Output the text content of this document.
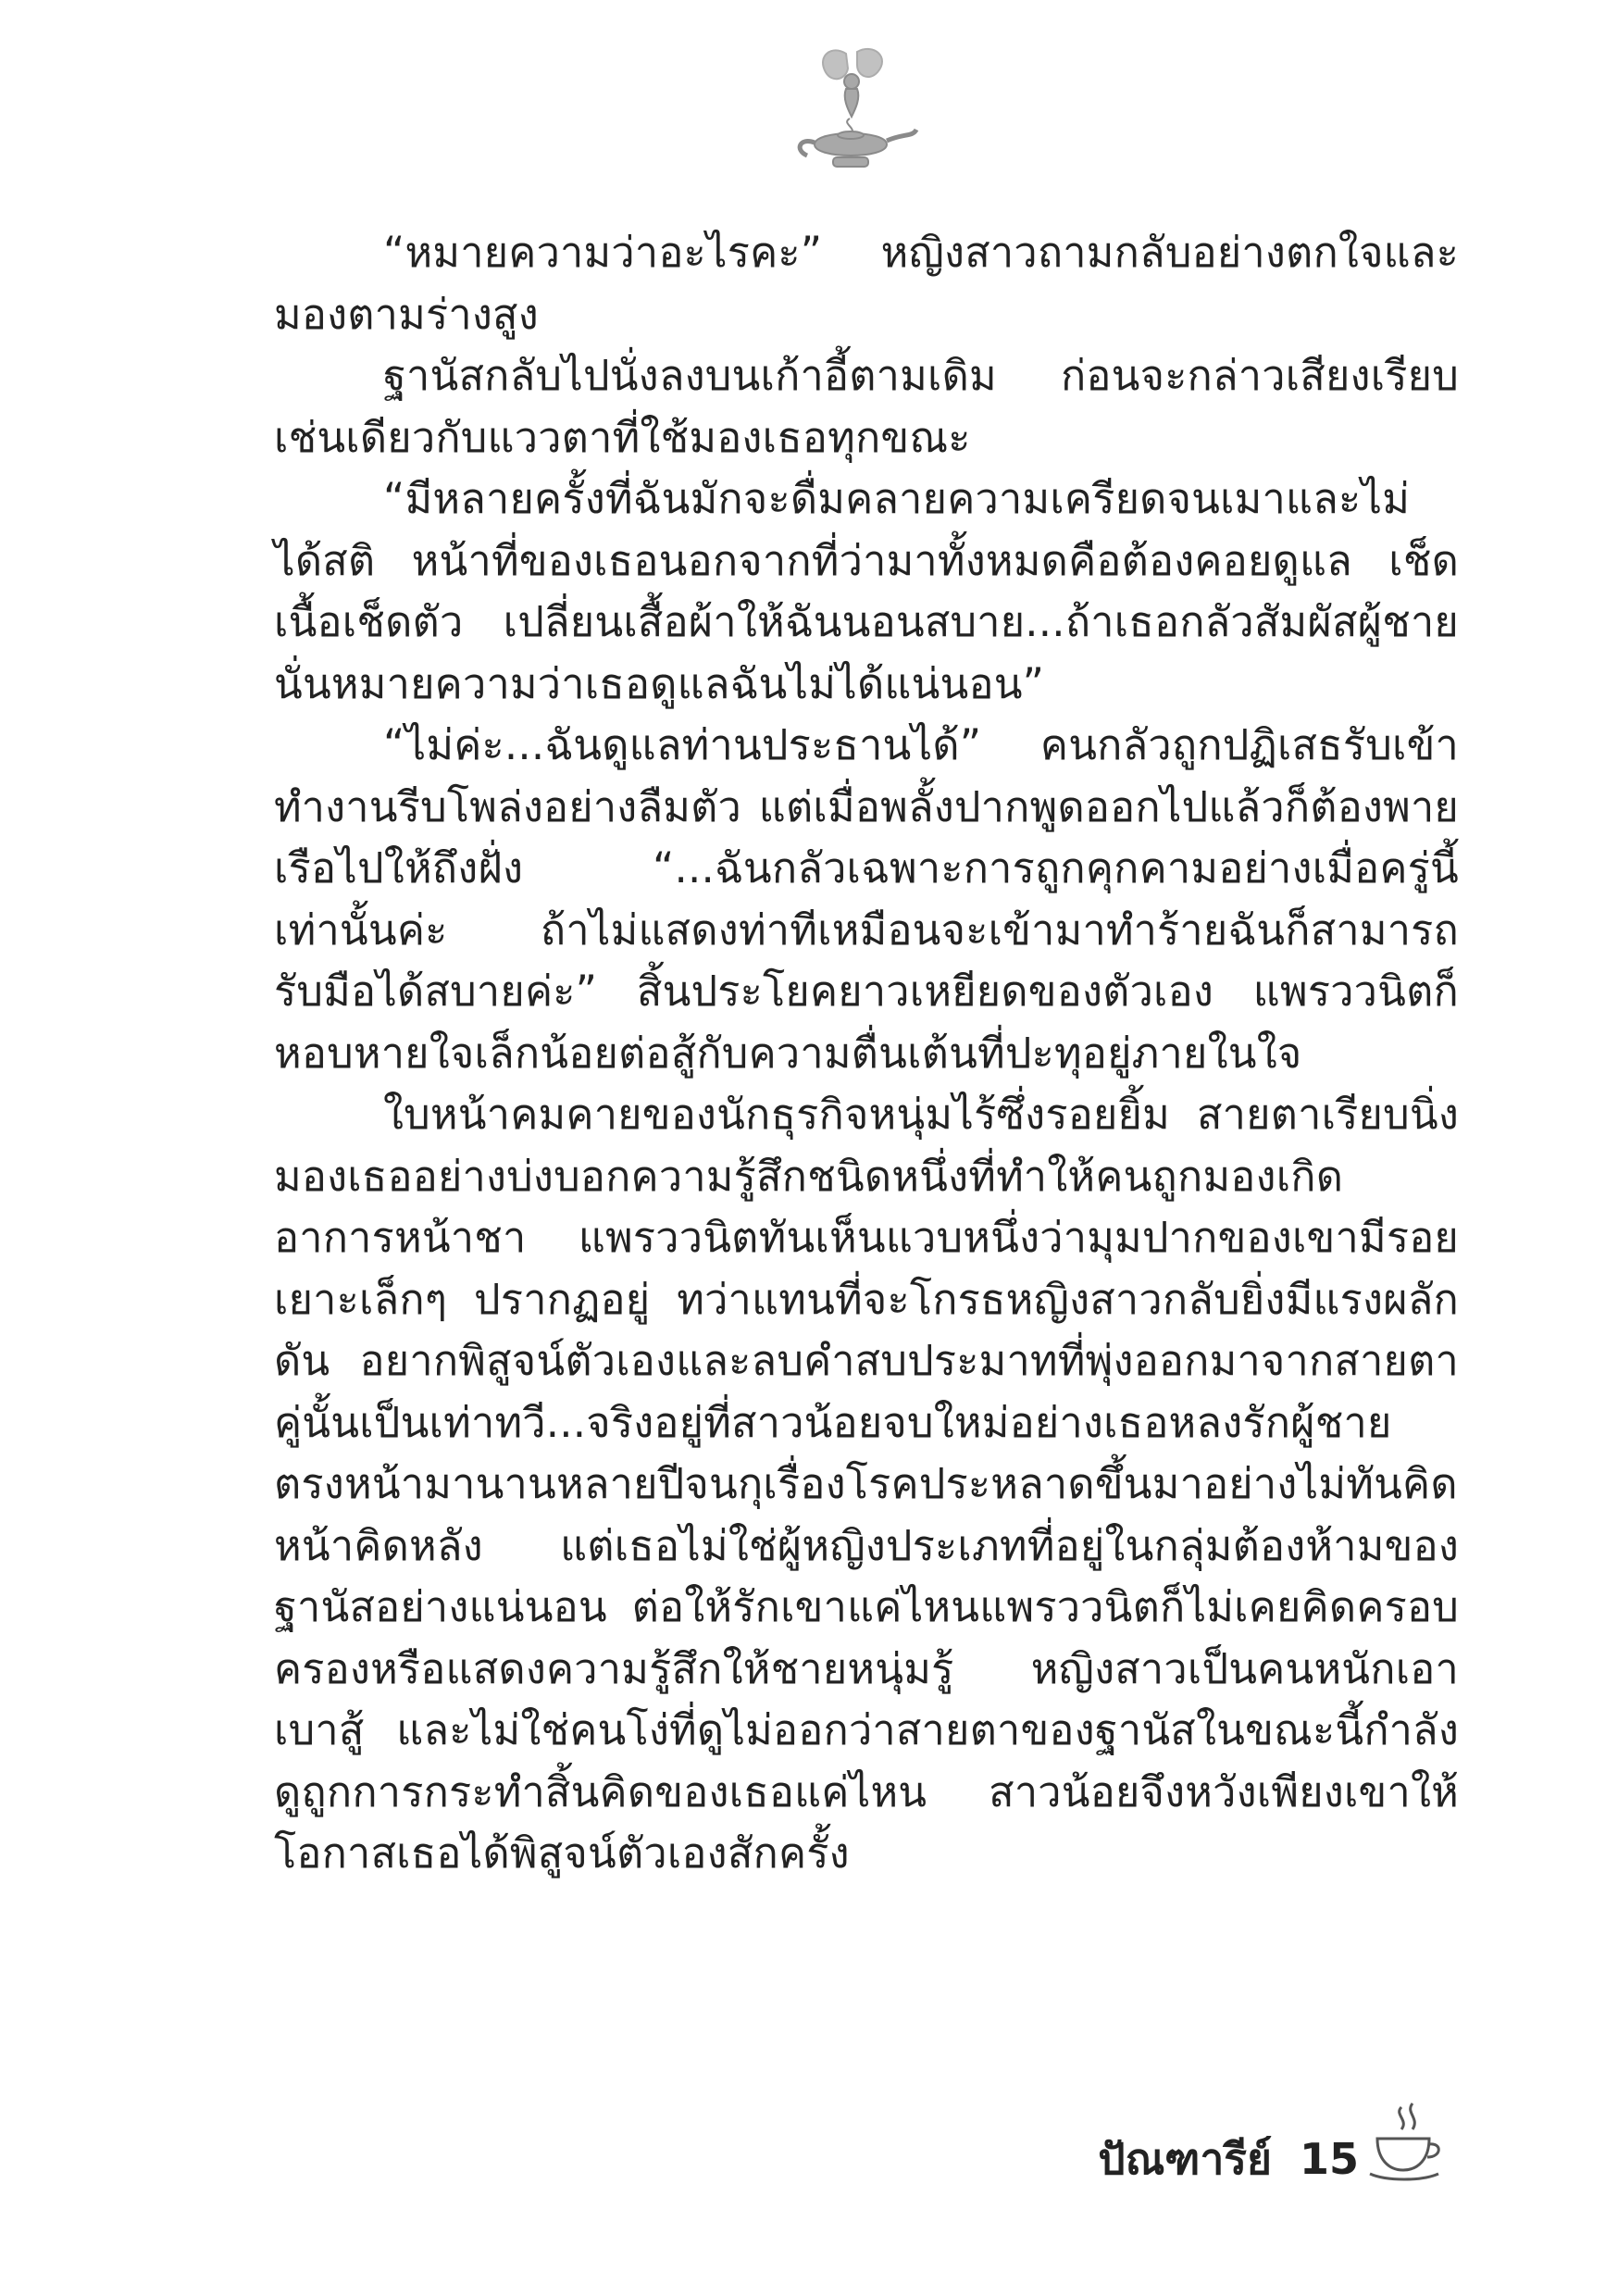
“หมายความว่าอะไรคะ” หญิงสาวถามกลับอย่างตกใจและมองตามร่างสูง

ฐานัสกลับไปนั่งลงบนเก้าอี้ตามเดิม ก่อนจะกล่าวเสียงเรียบเช่นเดียวกับแววตาที่ใช้มองเธอทุกขณะ

“มีหลายครั้งที่ฉันมักจะดื่มคลายความเครียดจนเมาและไม่ได้สติ หน้าที่ของเธอนอกจากที่ว่ามาทั้งหมดคือต้องคอยดูแล เช็ดเนื้อเช็ดตัว เปลี่ยนเสื้อผ้าให้ฉันนอนสบาย...ถ้าเธอกลัวสัมผัสผู้ชายนั่นหมายความว่าเธอดูแลฉันไม่ได้แน่นอน”

“ไม่ค่ะ...ฉันดูแลท่านประธานได้” คนกลัวถูกปฏิเสธรับเข้าทำงานรีบโพล่งอย่างลืมตัว แต่เมื่อพลั้งปากพูดออกไปแล้วก็ต้องพายเรือไปให้ถึงฝั่ง “...ฉันกลัวเฉพาะการถูกคุกคามอย่างเมื่อครู่นี้เท่านั้นค่ะ ถ้าไม่แสดงท่าทีเหมือนจะเข้ามาทำร้ายฉันก็สามารถรับมือได้สบายค่ะ” สิ้นประโยคยาวเหยียดของตัวเอง แพรววนิตก็หอบหายใจเล็กน้อยต่อสู้กับความตื่นเต้นที่ปะทุอยู่ภายในใจ

ใบหน้าคมคายของนักธุรกิจหนุ่มไร้ซึ่งรอยยิ้ม สายตาเรียบนิ่งมองเธออย่างบ่งบอกความรู้สึกชนิดหนึ่งที่ทำให้คนถูกมองเกิดอาการหน้าชา แพรววนิตทันเห็นแวบหนึ่งว่ามุมปากของเขามีรอยเยาะเล็กๆ ปรากฏอยู่ ทว่าแทนที่จะโกรธหญิงสาวกลับยิ่งมีแรงผลักดัน อยากพิสูจน์ตัวเองและลบคำสบประมาทที่พุ่งออกมาจากสายตาคู่นั้นเป็นเท่าทวี...จริงอยู่ที่สาวน้อยจบใหม่อย่างเธอหลงรักผู้ชายตรงหน้ามานานหลายปีจนกุเรื่องโรคประหลาดขึ้นมาอย่างไม่ทันคิดหน้าคิดหลัง แต่เธอไม่ใช่ผู้หญิงประเภทที่อยู่ในกลุ่มต้องห้ามของฐานัสอย่างแน่นอน ต่อให้รักเขาแค่ไหนแพรววนิตก็ไม่เคยคิดครอบครองหรือแสดงความรู้สึกให้ชายหนุ่มรู้ หญิงสาวเป็นคนหนักเอาเบาสู้ และไม่ใช่คนโง่ที่ดูไม่ออกว่าสายตาของฐานัสในขณะนี้กำลังดูถูกการกระทำสิ้นคิดของเธอแค่ไหน สาวน้อยจึงหวังเพียงเขาให้โอกาสเธอได้พิสูจน์ตัวเองสักครั้ง

ปัณฑารีย์ 15
